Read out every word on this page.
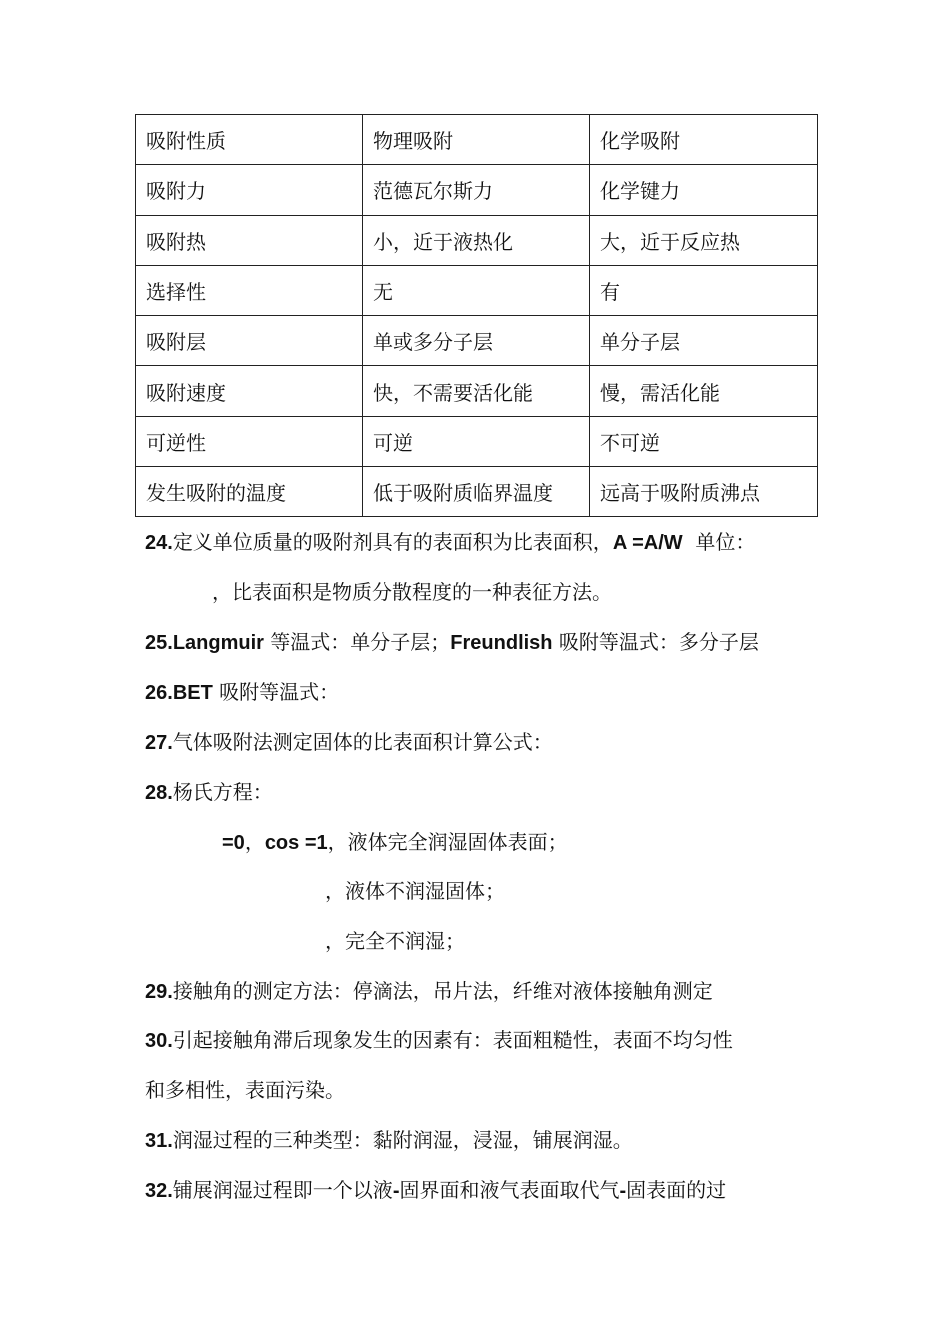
吸附性质	物理吸附	化学吸附
吸附力	范德瓦尔斯力	化学键力
吸附热	小，近于液热化	大，近于反应热
选择性	无	有
吸附层	单或多分子层	单分子层
吸附速度	快，不需要活化能	慢，需活化能
可逆性	可逆	不可逆
发生吸附的温度	低于吸附质临界温度	远高于吸附质沸点
24.定义单位质量的吸附剂具有的表面积为比表面积，A =A/W  单位：
，比表面积是物质分散程度的一种表征方法。
25.Langmuir 等温式：单分子层；Freundlish 吸附等温式：多分子层
26.BET 吸附等温式：
27.气体吸附法测定固体的比表面积计算公式：
28.杨氏方程：
=0，cos =1，液体完全润湿固体表面；
，液体不润湿固体；
，完全不润湿；
29.接触角的测定方法：停滴法，吊片法，纤维对液体接触角测定
30.引起接触角滞后现象发生的因素有：表面粗糙性，表面不均匀性
和多相性，表面污染。
31.润湿过程的三种类型：黏附润湿，浸湿，铺展润湿。
32.铺展润湿过程即一个以液-固界面和液气表面取代气-固表面的过
